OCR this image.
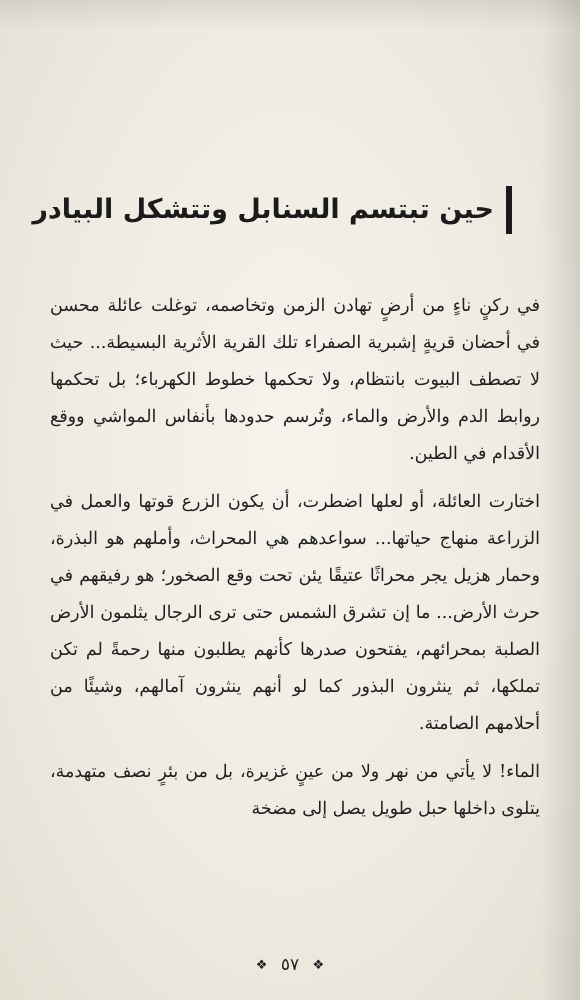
حين تبتسم السنابل وتتشكل البيادر

في ركنٍ ناءٍ من أرضٍ تهادن الزمن وتخاصمه، توغلت عائلة محسن في أحضان قريةٍ إشبرية الصفراء تلك القرية الأثرية البسيطة... حيث لا تصطف البيوت بانتظام، ولا تحكمها خطوط الكهرباء؛ بل تحكمها روابط الدم والأرض والماء، وتُرسم حدودها بأنفاس المواشي ووقع الأقدام في الطين.

اختارت العائلة، أو لعلها اضطرت، أن يكون الزرع قوتها والعمل في الزراعة منهاج حياتها... سواعدهم هي المحراث، وأملهم هو البذرة، وحمار هزيل يجر محراثًا عتيقًا يئن تحت وقع الصخور؛ هو رفيقهم في حرث الأرض... ما إن تشرق الشمس حتى ترى الرجال يثلمون الأرض الصلبة بمحرائهم، يفتحون صدرها كأنهم يطلبون منها رحمةً لم تكن تملكها، ثم ينثرون البذور كما لو أنهم ينثرون آمالهم، وشيئًا من أحلامهم الصامتة.

الماء! لا يأتي من نهر ولا من عينٍ غزيرة، بل من بئرٍ نصف متهدمة، يتلوى داخلها حبل طويل يصل إلى مضخة

❖ ٥٧ ❖
